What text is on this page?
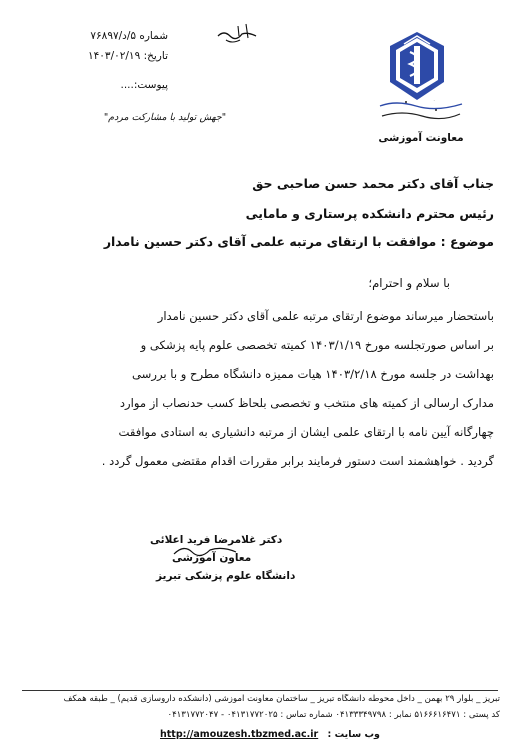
شماره ۵/د/۷۶۸۹۷
تاریخ: ۱۴۰۳/۰۲/۱۹
پیوست:....
"جهش تولید با مشارکت مردم"
معاونت آموزشی
جناب آقای دکتر محمد حسن صاحبی حق
رئیس محترم دانشکده پرستاری و مامایی
موضوع : موافقت با ارتقای مرتبه علمی آقای دکتر حسین نامدار
با سلام و احترام؛
باستحضار میرساند موضوع ارتقای مرتبه علمی آقای دکتر حسین نامدار
بر اساس صورتجلسه مورخ ۱۴۰۳/۱/۱۹ کمیته تخصصی علوم پایه پزشکی و
بهداشت در جلسه مورخ ۱۴۰۳/۲/۱۸ هیات ممیزه دانشگاه مطرح و با بررسی
مدارک ارسالی از کمیته های منتخب و تخصصی بلحاظ کسب حدنصاب از موارد
چهارگانه آیین نامه با ارتقای علمی ایشان از مرتبه دانشیاری به استادی موافقت
گردید . خواهشمند است دستور فرمایند برابر مقررات اقدام مقتضی معمول گردد .
دکتر غلامرضا فرید اعلائی
معاون آموزشی
دانشگاه علوم پزشکی تبریز
تبریز _ بلوار ۲۹ بهمن _ داخل محوطه دانشگاه تبریز _ ساختمان معاونت آموزشی (دانشکده داروسازی قدیم) _ طبقه همکف
کد پستی : ۵۱۶۶۶۱۶۴۷۱ نمابر : ۰۴۱۳۳۳۴۹۷۹۸ شماره تماس : ۰۴۱۳۱۷۷۲۰۲۵ - ۰۴۱۳۱۷۷۲۰۴۷
http://amouzesh.tbzmed.ac.ir وب سایت :
